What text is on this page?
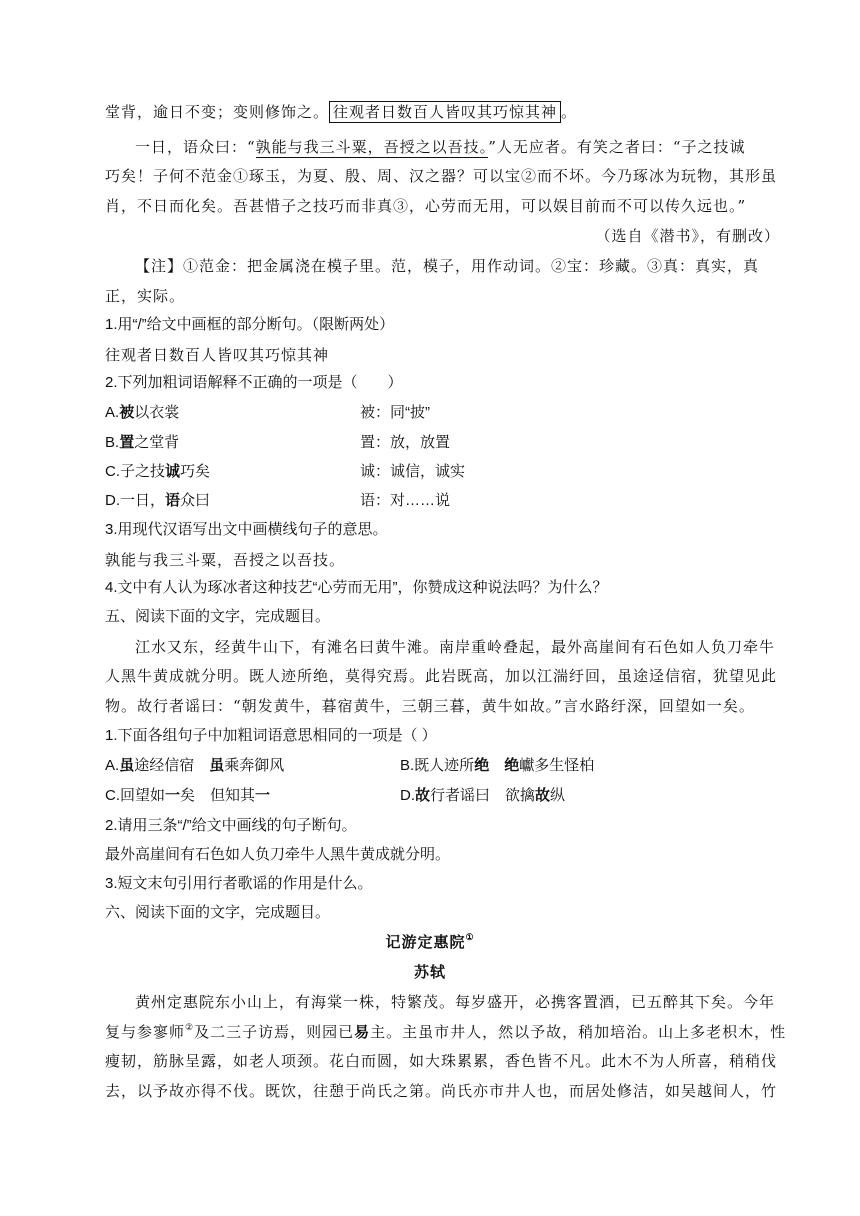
堂背，逾日不变；变则修饰之。 往观者日数百人皆叹其巧惊其神 。
一日，语众曰：“孰能与我三斗粟，吾授之以吾技。”人无应者。有笑之者曰：“子之技诚
巧矣！子何不范金①琢玉，为夏、殷、周、汉之器？可以宝②而不坏。今乃琢冰为玩物，其形虽
肖，不日而化矣。吾甚惜子之技巧而非真③，心劳而无用，可以娱目前而不可以传久远也。”
（选自《潜书》，有删改）
【注】①范金：把金属浇在模子里。范，模子，用作动词。②宝：珍藏。③真：真实，真
正，实际。
1.用“/”给文中画框的部分断句。（限断两处）
往观者日数百人皆叹其巧惊其神
2.下列加粗词语解释不正确的一项是（　　）
A.被以衣裳	被：同“披”
B.置之堂背	置：放，放置
C.子之技诚巧矣	诚：诚信，诚实
D.一日，语众曰	语：对……说
3.用现代汉语写出文中画横线句子的意思。
孰能与我三斗粟，吾授之以吾技。
4.文中有人认为琢冰者这种技艺“心劳而无用”，你赞成这种说法吗？为什么？
五、阅读下面的文字，完成题目。
江水又东，经黄牛山下，有滩名曰黄牛滩。南岸重岭叠起，最外高崖间有石色如人负刀牵牛
人黑牛黄成就分明。既人迹所绝，莫得究焉。此岩既高，加以江湍纡回，虽途迳信宿，犹望见此
物。故行者谣曰：“朝发黄牛，暮宿黄牛，三朝三暮，黄牛如故。”言水路纡深，回望如一矣。
1.下面各组句子中加粗词语意思相同的一项是（ ）
A.虽途经信宿　虽乘奔御风	B.既人迹所绝　 绝巘多生怪柏
C.回望如一矣　但知其一	D.故行者谣曰　欲擒故纵
2.请用三条“/”给文中画线的句子断句。
最外高崖间有石色如人负刀牵牛人黑牛黄成就分明。
3.短文末句引用行者歌谣的作用是什么。
六、阅读下面的文字，完成题目。
记游定惠院①
苏轼
黄州定惠院东小山上，有海棠一株，特繁茂。每岁盛开，必携客置酒，已五醉其下矣。今年
复与参寥师②及二三子访焉，则园已易主。主虽市井人，然以予故，稍加培治。山上多老枳木，性
瘦韧，筋脉呈露，如老人项颈。花白而圆，如大珠累累，香色皆不凡。此木不为人所喜，稍稍伐
去，以予故亦得不伐。既饮，往憩于尚氏之第。尚氏亦市井人也，而居处修洁，如吴越间人，竹
